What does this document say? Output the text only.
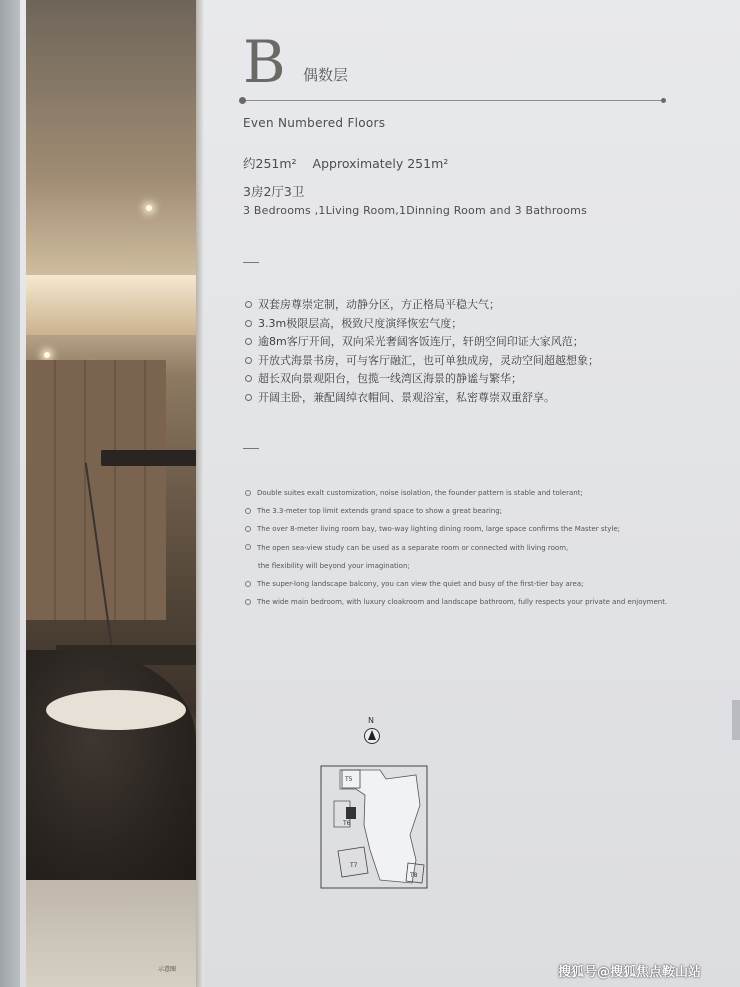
示意图
B 偶数层
Even Numbered Floors
约251m² Approximately 251m²
3房2厅3卫
3 Bedrooms ,1Living Room,1Dinning Room and 3 Bathrooms
双套房尊崇定制，动静分区，方正格局平稳大气；
3.3m极限层高，极致尺度演绎恢宏气度；
逾8m客厅开间，双向采光奢阔客饭连厅，轩朗空间印证大家风范；
开放式海景书房，可与客厅融汇，也可单独成房，灵动空间超越想象；
超长双向景观阳台，包揽一线湾区海景的静谧与繁华；
开阔主卧，兼配阔绰衣帽间、景观浴室，私密尊崇双重舒享。
Double suites exalt customization, noise isolation, the founder pattern is stable and tolerant;
The 3.3-meter top limit extends grand space to show a great bearing;
The over 8-meter living room bay, two-way lighting dining room, large space confirms the Master style;
The open sea-view study can be used as a separate room or connected with living room,
the flexibility will beyond your imagination;
The super-long landscape balcony, you can view the quiet and busy of the first-tier bay area;
The wide main bedroom, with luxury cloakroom and landscape bathroom, fully respects your private and enjoyment.
N
T5
T6
T7
T8
搜狐号@搜狐焦点鞍山站
